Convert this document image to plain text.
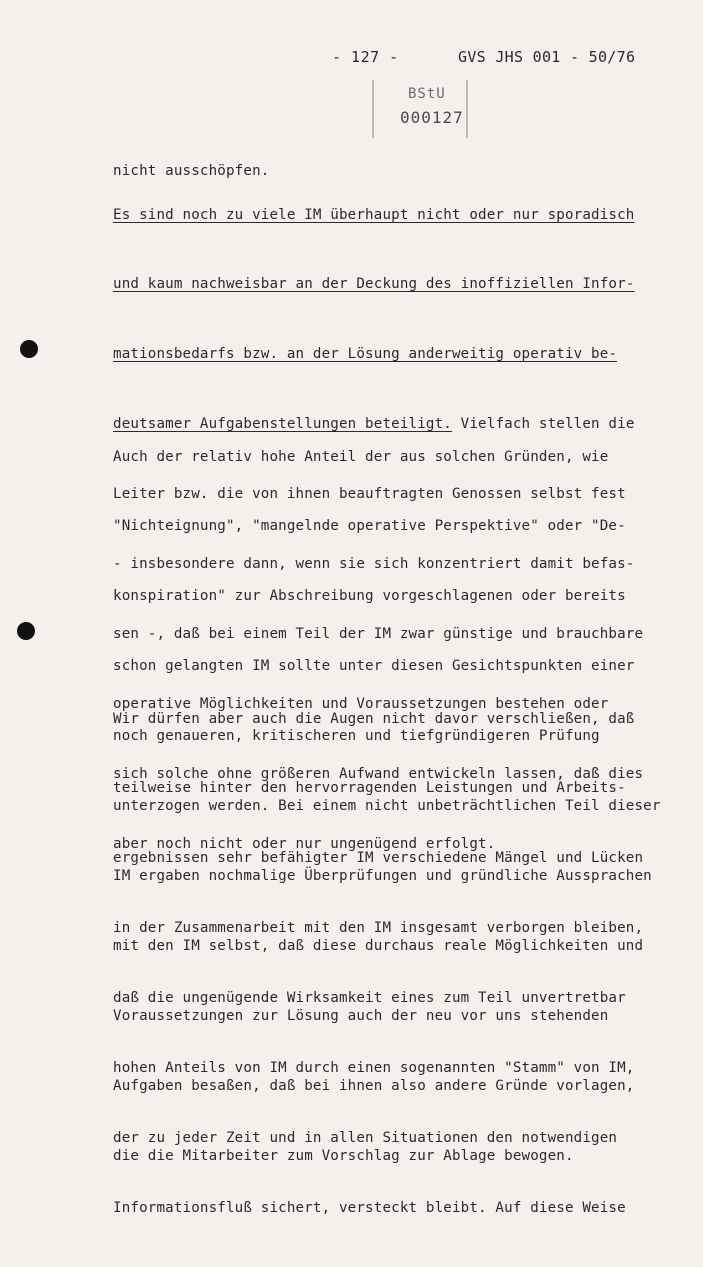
- 127 -	GVS JHS 001 - 50/76
BStU
000127

nicht ausschöpfen.

Es sind noch zu viele IM überhaupt nicht oder nur sporadisch

und kaum nachweisbar an der Deckung des inoffiziellen Infor-

mationsbedarfs bzw. an der Lösung anderweitig operativ be-

deutsamer Aufgabenstellungen beteiligt. Vielfach stellen die

Leiter bzw. die von ihnen beauftragten Genossen selbst fest

- insbesondere dann, wenn sie sich konzentriert damit befas-

sen -, daß bei einem Teil der IM zwar günstige und brauchbare

operative Möglichkeiten und Voraussetzungen bestehen oder

sich solche ohne größeren Aufwand entwickeln lassen, daß dies

aber noch nicht oder nur ungenügend erfolgt.

Auch der relativ hohe Anteil der aus solchen Gründen, wie

"Nichteignung", "mangelnde operative Perspektive" oder "De-

konspiration" zur Abschreibung vorgeschlagenen oder bereits

schon gelangten IM sollte unter diesen Gesichtspunkten einer

noch genaueren, kritischeren und tiefgründigeren Prüfung

unterzogen werden. Bei einem nicht unbeträchtlichen Teil dieser

IM ergaben nochmalige Überprüfungen und gründliche Aussprachen

mit den IM selbst, daß diese durchaus reale Möglichkeiten und

Voraussetzungen zur Lösung auch der neu vor uns stehenden

Aufgaben besaßen, daß bei ihnen also andere Gründe vorlagen,

die die Mitarbeiter zum Vorschlag zur Ablage bewogen.

Wir dürfen aber auch die Augen nicht davor verschließen, daß

teilweise hinter den hervorragenden Leistungen und Arbeits-

ergebnissen sehr befähigter IM verschiedene Mängel und Lücken

in der Zusammenarbeit mit den IM insgesamt verborgen bleiben,

daß die ungenügende Wirksamkeit eines zum Teil unvertretbar

hohen Anteils von IM durch einen sogenannten "Stamm" von IM,

der zu jeder Zeit und in allen Situationen den notwendigen

Informationsfluß sichert, versteckt bleibt. Auf diese Weise
